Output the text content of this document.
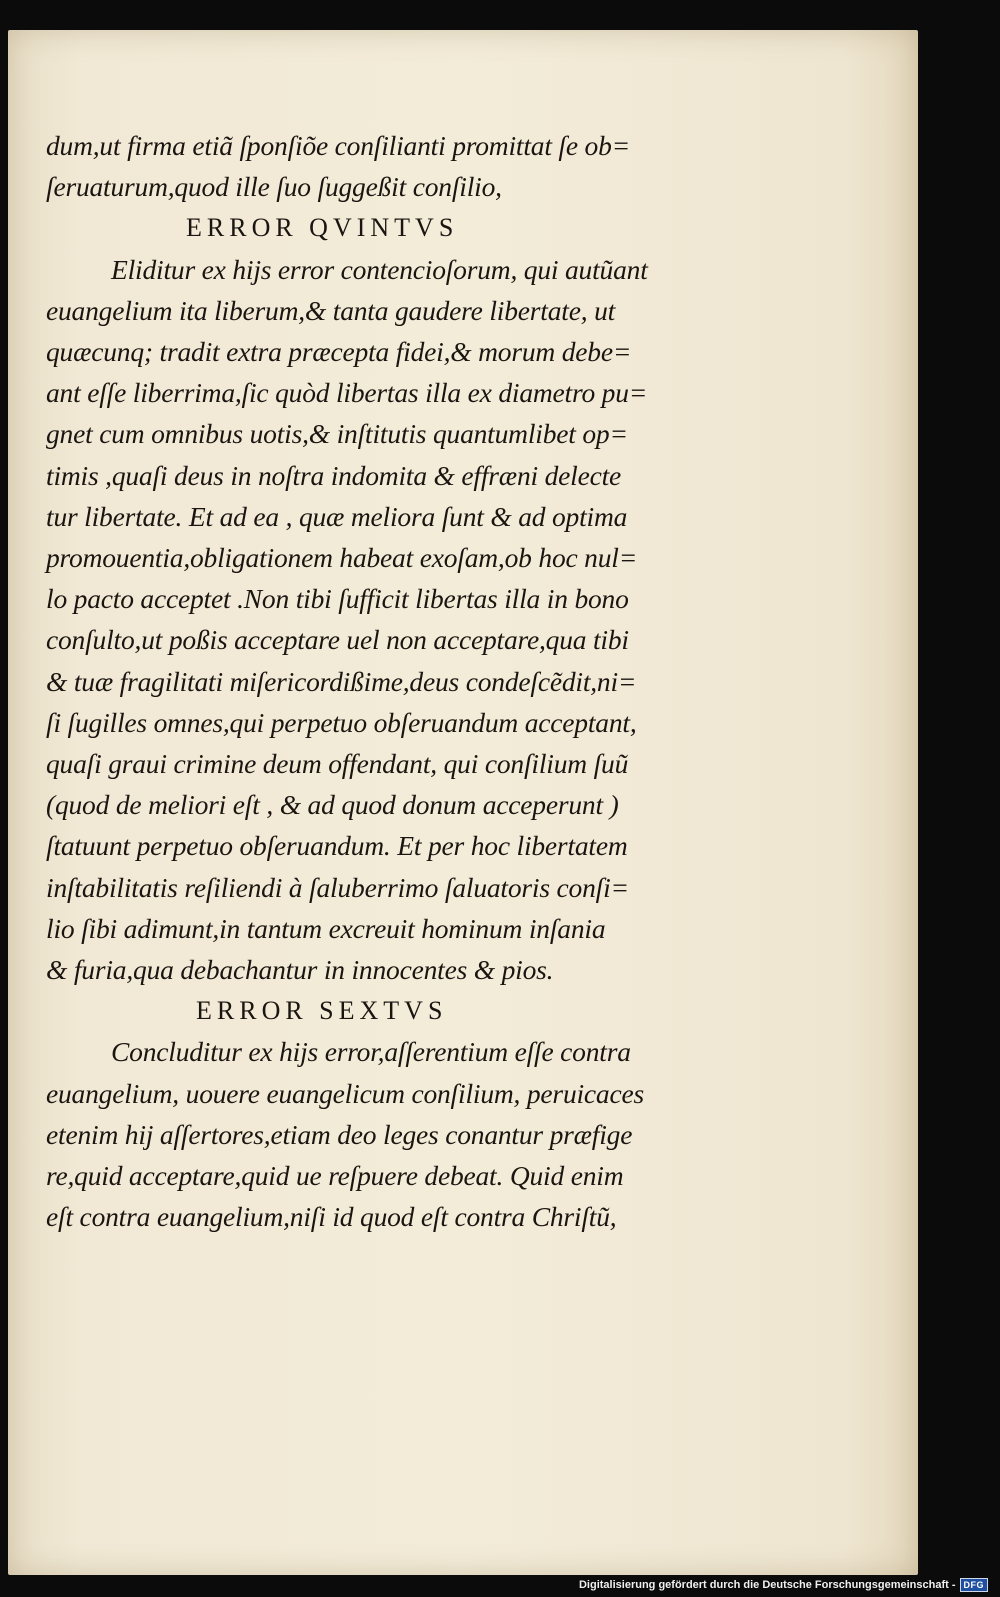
dum,ut firma etiã ſponſiõe conſilianti promittat ſe ob=
ſeruaturum,quod ille ſuo ſuggeßit conſilio,
ERROR QVINTVS
Eliditur ex hijs error contencioſorum, qui autũant
euangelium ita liberum,& tanta gaudere libertate, ut
quæcunq; tradit extra præcepta fidei,& morum debe=
ant eſſe liberrima,ſic quòd libertas illa ex diametro pu=
gnet cum omnibus uotis,& inſtitutis quantumlibet op=
timis ,quaſi deus in noſtra indomita & effræni delecte
tur libertate. Et ad ea , quæ meliora ſunt & ad optima
promouentia,obligationem habeat exoſam,ob hoc nul=
lo pacto acceptet .Non tibi ſufficit libertas illa in bono
conſulto,ut poßis acceptare uel non acceptare,qua tibi
& tuæ fragilitati miſericordißime,deus condeſcẽdit,ni=
ſi ſugilles omnes,qui perpetuo obſeruandum acceptant,
quaſi graui crimine deum offendant, qui conſilium ſuũ
(quod de meliori eſt , & ad quod donum acceperunt )
ſtatuunt perpetuo obſeruandum. Et per hoc libertatem
inſtabilitatis reſiliendi à ſaluberrimo ſaluatoris conſi=
lio ſibi adimunt,in tantum excreuit hominum inſania
& furia,qua debachantur in innocentes & pios.
ERROR SEXTVS
Concluditur ex hijs error,aſſerentium eſſe contra
euangelium, uouere euangelicum conſilium, peruicaces
etenim hij aſſertores,etiam deo leges conantur præfige
re,quid acceptare,quid ue reſpuere debeat. Quid enim
eſt contra euangelium,niſi id quod eſt contra Chriſtũ,
Digitalisierung gefördert durch die Deutsche Forschungsgemeinschaft - DFG
